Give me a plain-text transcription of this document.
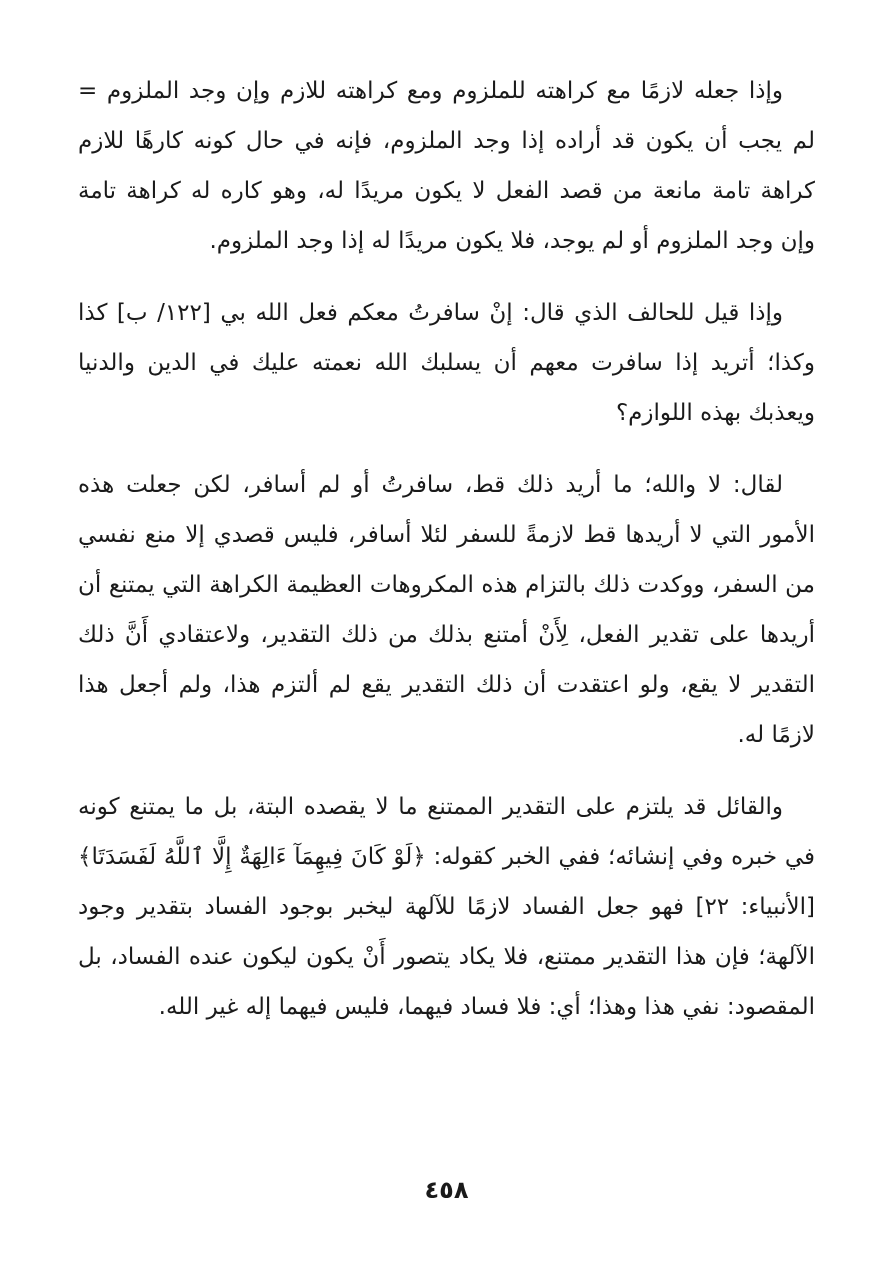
وإذا جعله لازمًا مع كراهته للملزوم ومع كراهته للازم وإن وجد الملزوم = لم يجب أن يكون قد أراده إذا وجد الملزوم، فإنه في حال كونه كارهًا للازم كراهة تامة مانعة من قصد الفعل لا يكون مريدًا له، وهو كاره له كراهة تامة وإن وجد الملزوم أو لم يوجد، فلا يكون مريدًا له إذا وجد الملزوم.

وإذا قيل للحالف الذي قال: إنْ سافرتُ معكم فعل الله بي [١٢٢/ ب] كذا وكذا؛ أتريد إذا سافرت معهم أن يسلبك الله نعمته عليك في الدين والدنيا ويعذبك بهذه اللوازم؟

لقال: لا والله؛ ما أريد ذلك قط، سافرتُ أو لم أسافر، لكن جعلت هذه الأمور التي لا أريدها قط لازمةً للسفر لئلا أسافر، فليس قصدي إلا منع نفسي من السفر، ووكدت ذلك بالتزام هذه المكروهات العظيمة الكراهة التي يمتنع أن أريدها على تقدير الفعل، لِأَنْ أمتنع بذلك من ذلك التقدير، ولاعتقادي أَنَّ ذلك التقدير لا يقع، ولو اعتقدت أن ذلك التقدير يقع لم ألتزم هذا، ولم أجعل هذا لازمًا له.

والقائل قد يلتزم على التقدير الممتنع ما لا يقصده البتة، بل ما يمتنع كونه في خبره وفي إنشائه؛ ففي الخبر كقوله: ﴿لَوْ كَانَ فِيهِمَآ ءَالِهَةٌ إِلَّا ٱللَّهُ لَفَسَدَتَا﴾ [الأنبياء: ٢٢] فهو جعل الفساد لازمًا للآلهة ليخبر بوجود الفساد بتقدير وجود الآلهة؛ فإن هذا التقدير ممتنع، فلا يكاد يتصور أَنْ يكون ليكون عنده الفساد، بل المقصود: نفي هذا وهذا؛ أي: فلا فساد فيهما، فليس فيهما إله غير الله.

٤٥٨
